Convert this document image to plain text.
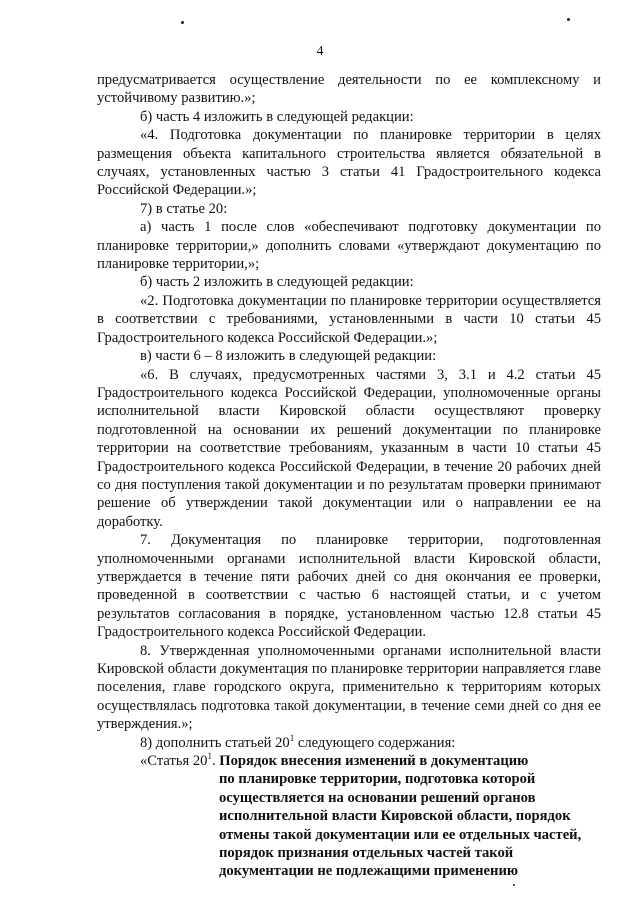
4

предусматривается осуществление деятельности по ее комплексному и устойчивому развитию.»;

б) часть 4 изложить в следующей редакции:

«4. Подготовка документации по планировке территории в целях размещения объекта капитального строительства является обязательной в случаях, установленных частью 3 статьи 41 Градостроительного кодекса Российской Федерации.»;

7) в статье 20:

а) часть 1 после слов «обеспечивают подготовку документации по планировке территории,» дополнить словами «утверждают документацию по планировке территории,»;

б) часть 2 изложить в следующей редакции:

«2. Подготовка документации по планировке территории осуществляется в соответствии с требованиями, установленными в части 10 статьи 45 Градостроительного кодекса Российской Федерации.»;

в) части 6 – 8 изложить в следующей редакции:

«6. В случаях, предусмотренных частями 3, 3.1 и 4.2 статьи 45 Градостроительного кодекса Российской Федерации, уполномоченные органы исполнительной власти Кировской области осуществляют проверку подготовленной на основании их решений документации по планировке территории на соответствие требованиям, указанным в части 10 статьи 45 Градостроительного кодекса Российской Федерации, в течение 20 рабочих дней со дня поступления такой документации и по результатам проверки принимают решение об утверждении такой документации или о направлении ее на доработку.

7. Документация по планировке территории, подготовленная уполномоченными органами исполнительной власти Кировской области, утверждается в течение пяти рабочих дней со дня окончания ее проверки, проведенной в соответствии с частью 6 настоящей статьи, и с учетом результатов согласования в порядке, установленном частью 12.8 статьи 45 Градостроительного кодекса Российской Федерации.

8. Утвержденная уполномоченными органами исполнительной власти Кировской области документация по планировке территории направляется главе поселения, главе городского округа, применительно к территориям которых осуществлялась подготовка такой документации, в течение семи дней со дня ее утверждения.»;

8) дополнить статьей $20^1$ следующего содержания:

«Статья $20^1$. Порядок внесения изменений в документацию
по планировке территории, подготовка которой
осуществляется на основании решений органов
исполнительной власти Кировской области, порядок
отмены такой документации или ее отдельных частей,
порядок признания отдельных частей такой
документации не подлежащими применению
